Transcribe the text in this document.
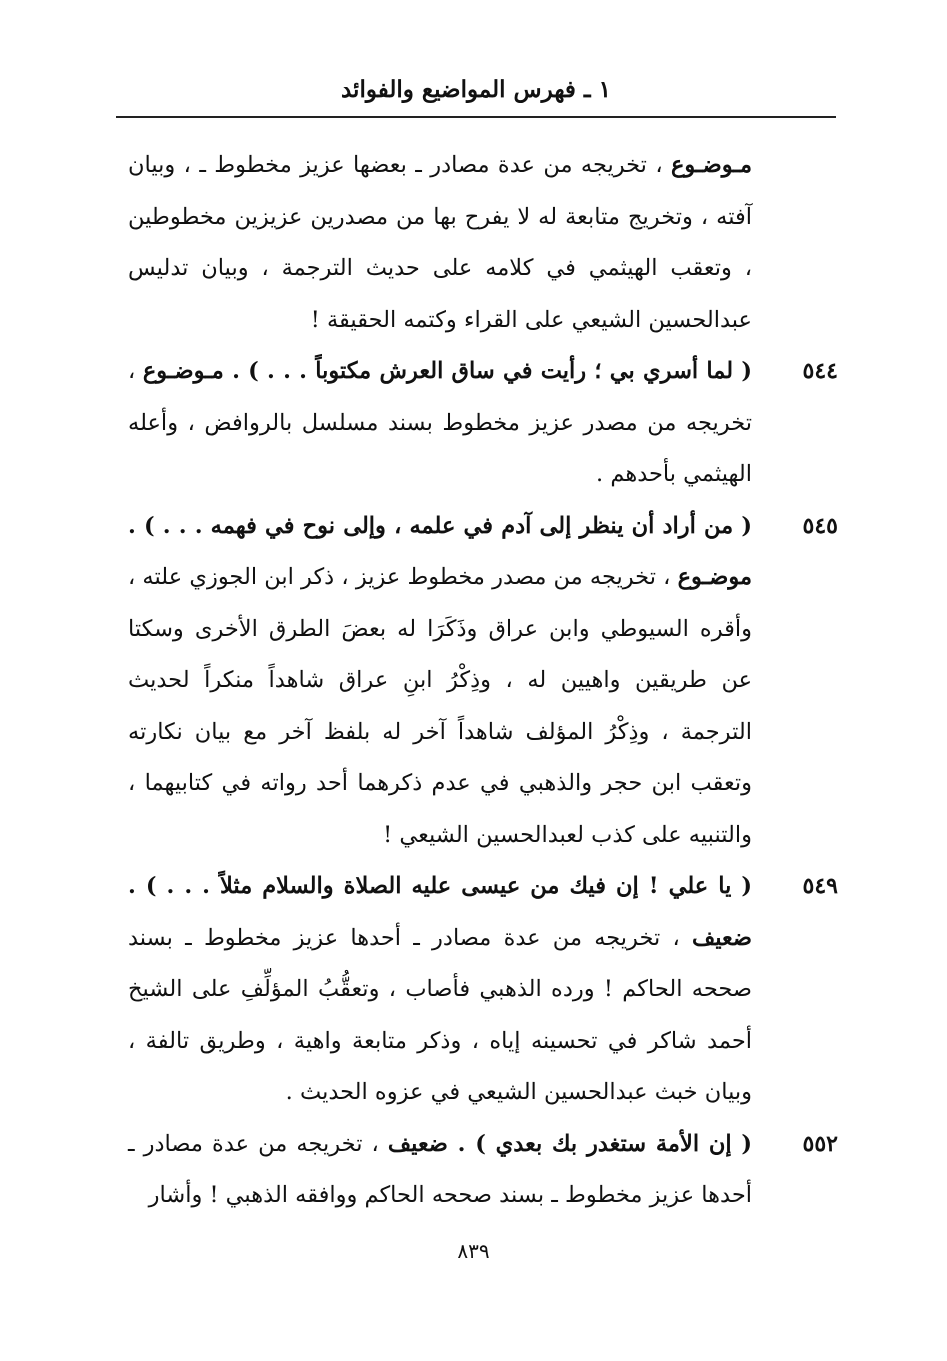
١ ـ فهرس المواضيع والفوائد
مـوضـوع ، تخريجه من عدة مصادر ـ بعضها عزيز مخطوط ـ ، وبيان آفته ، وتخريج متابعة له لا يفرح بها من مصدرين عزيزين مخطوطين ، وتعقب الهيثمي في كلامه على حديث الترجمة ، وبيان تدليس عبدالحسين الشيعي على القراء وكتمه الحقيقة !
٥٤٤
( لما أسري بي ؛ رأيت في ساق العرش مكتوباً . . . ) . مـوضـوع ، تخريجه من مصدر عزيز مخطوط بسند مسلسل بالروافض ، وأعله الهيثمي بأحدهم .
٥٤٥
( من أراد أن ينظر إلى آدم في علمه ، وإلى نوح في فهمه . . . ) . موضـوع ، تخريجه من مصدر مخطوط عزيز ، ذكر ابن الجوزي علته ، وأقره السيوطي وابن عراق وذَكَرَا له بعضَ الطرق الأخرى وسكتا عن طريقين واهيين له ، وذِكْرُ ابنِ عراق شاهداً منكراً لحديث الترجمة ، وذِكْرُ المؤلف شاهداً آخر له بلفظ آخر مع بيان نكارته وتعقب ابن حجر والذهبي في عدم ذكرهما أحد رواته في كتابيهما ، والتنبيه على كذب لعبدالحسين الشيعي !
٥٤٩
( يا علي ! إن فيك من عيسى عليه الصلاة والسلام مثلاً . . . ) . ضعيف ، تخريجه من عدة مصادر ـ أحدها عزيز مخطوط ـ بسند صححه الحاكم ! ورده الذهبي فأصاب ، وتعقُّبُ المؤلِّفِ على الشيخ أحمد شاكر في تحسينه إياه ، وذكر متابعة واهية ، وطريق تالفة ، وبيان خبث عبدالحسين الشيعي في عزوه الحديث .
٥٥٢
( إن الأمة ستغدر بك بعدي ) . ضعيف ، تخريجه من عدة مصادر ـ أحدها عزيز مخطوط ـ بسند صححه الحاكم ووافقه الذهبي ! وأشار
٨٣٩
